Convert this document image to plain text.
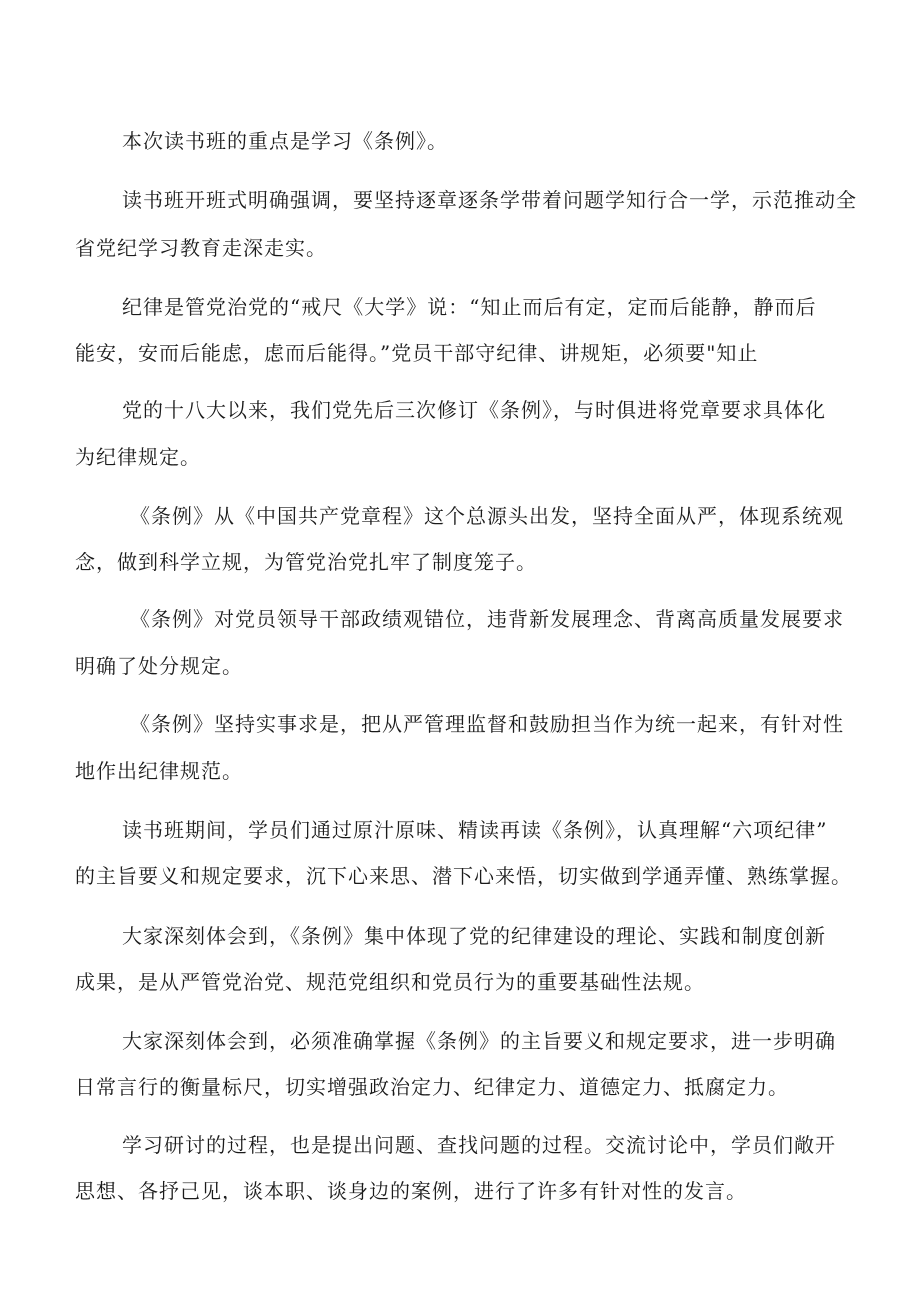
本次读书班的重点是学习《条例》。
读书班开班式明确强调，要坚持逐章逐条学带着问题学知行合一学，示范推动全
省党纪学习教育走深走实。
纪律是管党治党的“戒尺《大学》说：“知止而后有定，定而后能静，静而后
能安，安而后能虑，虑而后能得。”党员干部守纪律、讲规矩，必须要"知止
党的十八大以来，我们党先后三次修订《条例》，与时俱进将党章要求具体化
为纪律规定。
《条例》从《中国共产党章程》这个总源头出发，坚持全面从严，体现系统观
念，做到科学立规，为管党治党扎牢了制度笼子。
《条例》对党员领导干部政绩观错位，违背新发展理念、背离高质量发展要求
明确了处分规定。
《条例》坚持实事求是，把从严管理监督和鼓励担当作为统一起来，有针对性
地作出纪律规范。
读书班期间，学员们通过原汁原味、精读再读《条例》，认真理解“六项纪律”
的主旨要义和规定要求，沉下心来思、潜下心来悟，切实做到学通弄懂、熟练掌握。
大家深刻体会到，《条例》集中体现了党的纪律建设的理论、实践和制度创新
成果，是从严管党治党、规范党组织和党员行为的重要基础性法规。
大家深刻体会到，必须准确掌握《条例》的主旨要义和规定要求，进一步明确
日常言行的衡量标尺，切实增强政治定力、纪律定力、道德定力、抵腐定力。
学习研讨的过程，也是提出问题、查找问题的过程。交流讨论中，学员们敞开
思想、各抒己见，谈本职、谈身边的案例，进行了许多有针对性的发言。
